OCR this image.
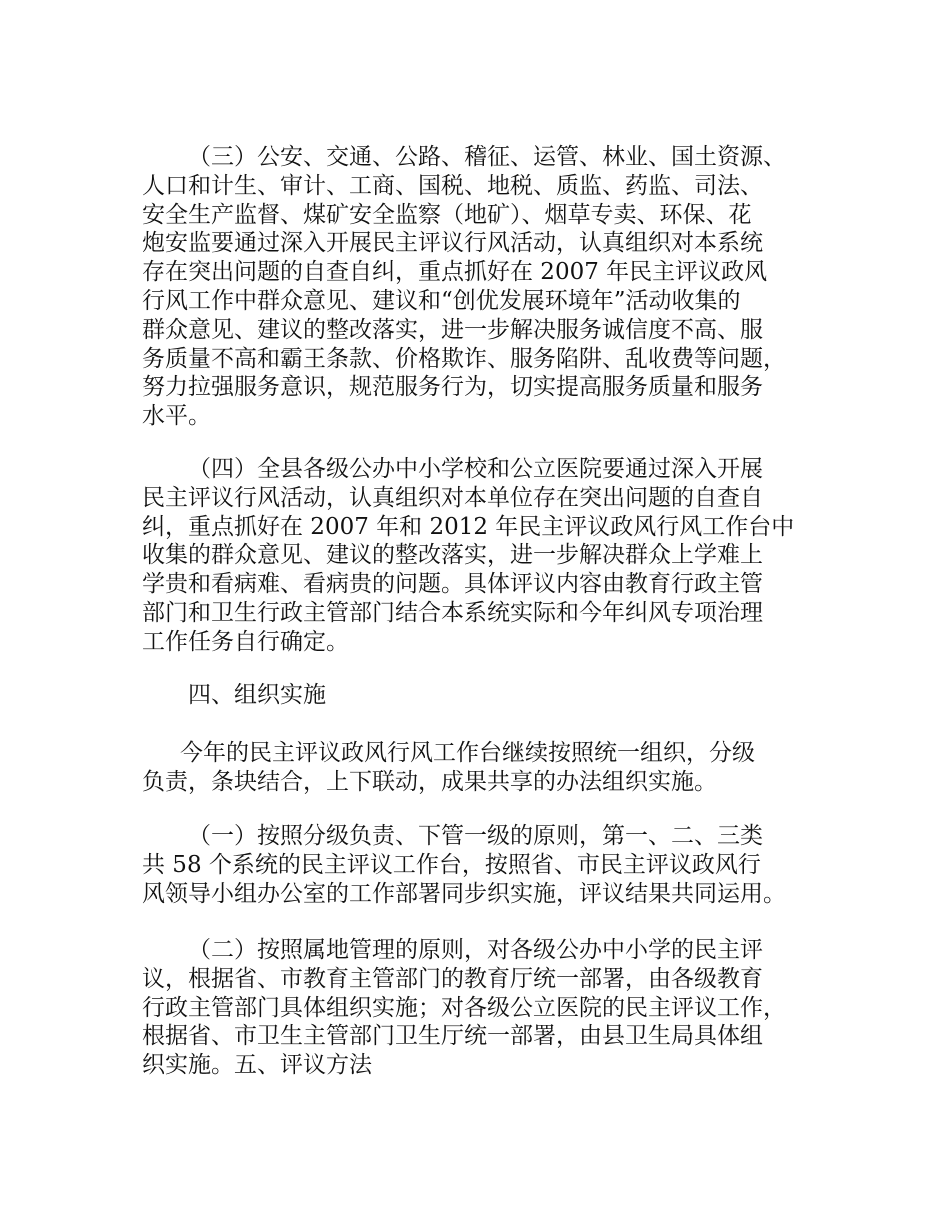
（三）公安、交通、公路、稽征、运管、林业、国土资源、
人口和计生、审计、工商、国税、地税、质监、药监、司法、
安全生产监督、煤矿安全监察（地矿）、烟草专卖、环保、花
炮安监要通过深入开展民主评议行风活动，认真组织对本系统
存在突出问题的自查自纠，重点抓好在 2007 年民主评议政风
行风工作中群众意见、建议和“创优发展环境年”活动收集的
群众意见、建议的整改落实，进一步解决服务诚信度不高、服
务质量不高和霸王条款、价格欺诈、服务陷阱、乱收费等问题，
努力拉强服务意识，规范服务行为，切实提高服务质量和服务
水平。
（四）全县各级公办中小学校和公立医院要通过深入开展
民主评议行风活动，认真组织对本单位存在突出问题的自查自
纠，重点抓好在 2007 年和 2012 年民主评议政风行风工作台中
收集的群众意见、建议的整改落实，进一步解决群众上学难上
学贵和看病难、看病贵的问题。具体评议内容由教育行政主管
部门和卫生行政主管部门结合本系统实际和今年纠风专项治理
工作任务自行确定。
四、组织实施
今年的民主评议政风行风工作台继续按照统一组织，分级
负责，条块结合，上下联动，成果共享的办法组织实施。
（一）按照分级负责、下管一级的原则，第一、二、三类
共 58 个系统的民主评议工作台，按照省、市民主评议政风行
风领导小组办公室的工作部署同步织实施，评议结果共同运用。
（二）按照属地管理的原则，对各级公办中小学的民主评
议，根据省、市教育主管部门的教育厅统一部署，由各级教育
行政主管部门具体组织实施；对各级公立医院的民主评议工作，
根据省、市卫生主管部门卫生厅统一部署，由县卫生局具体组
织实施。五、评议方法
